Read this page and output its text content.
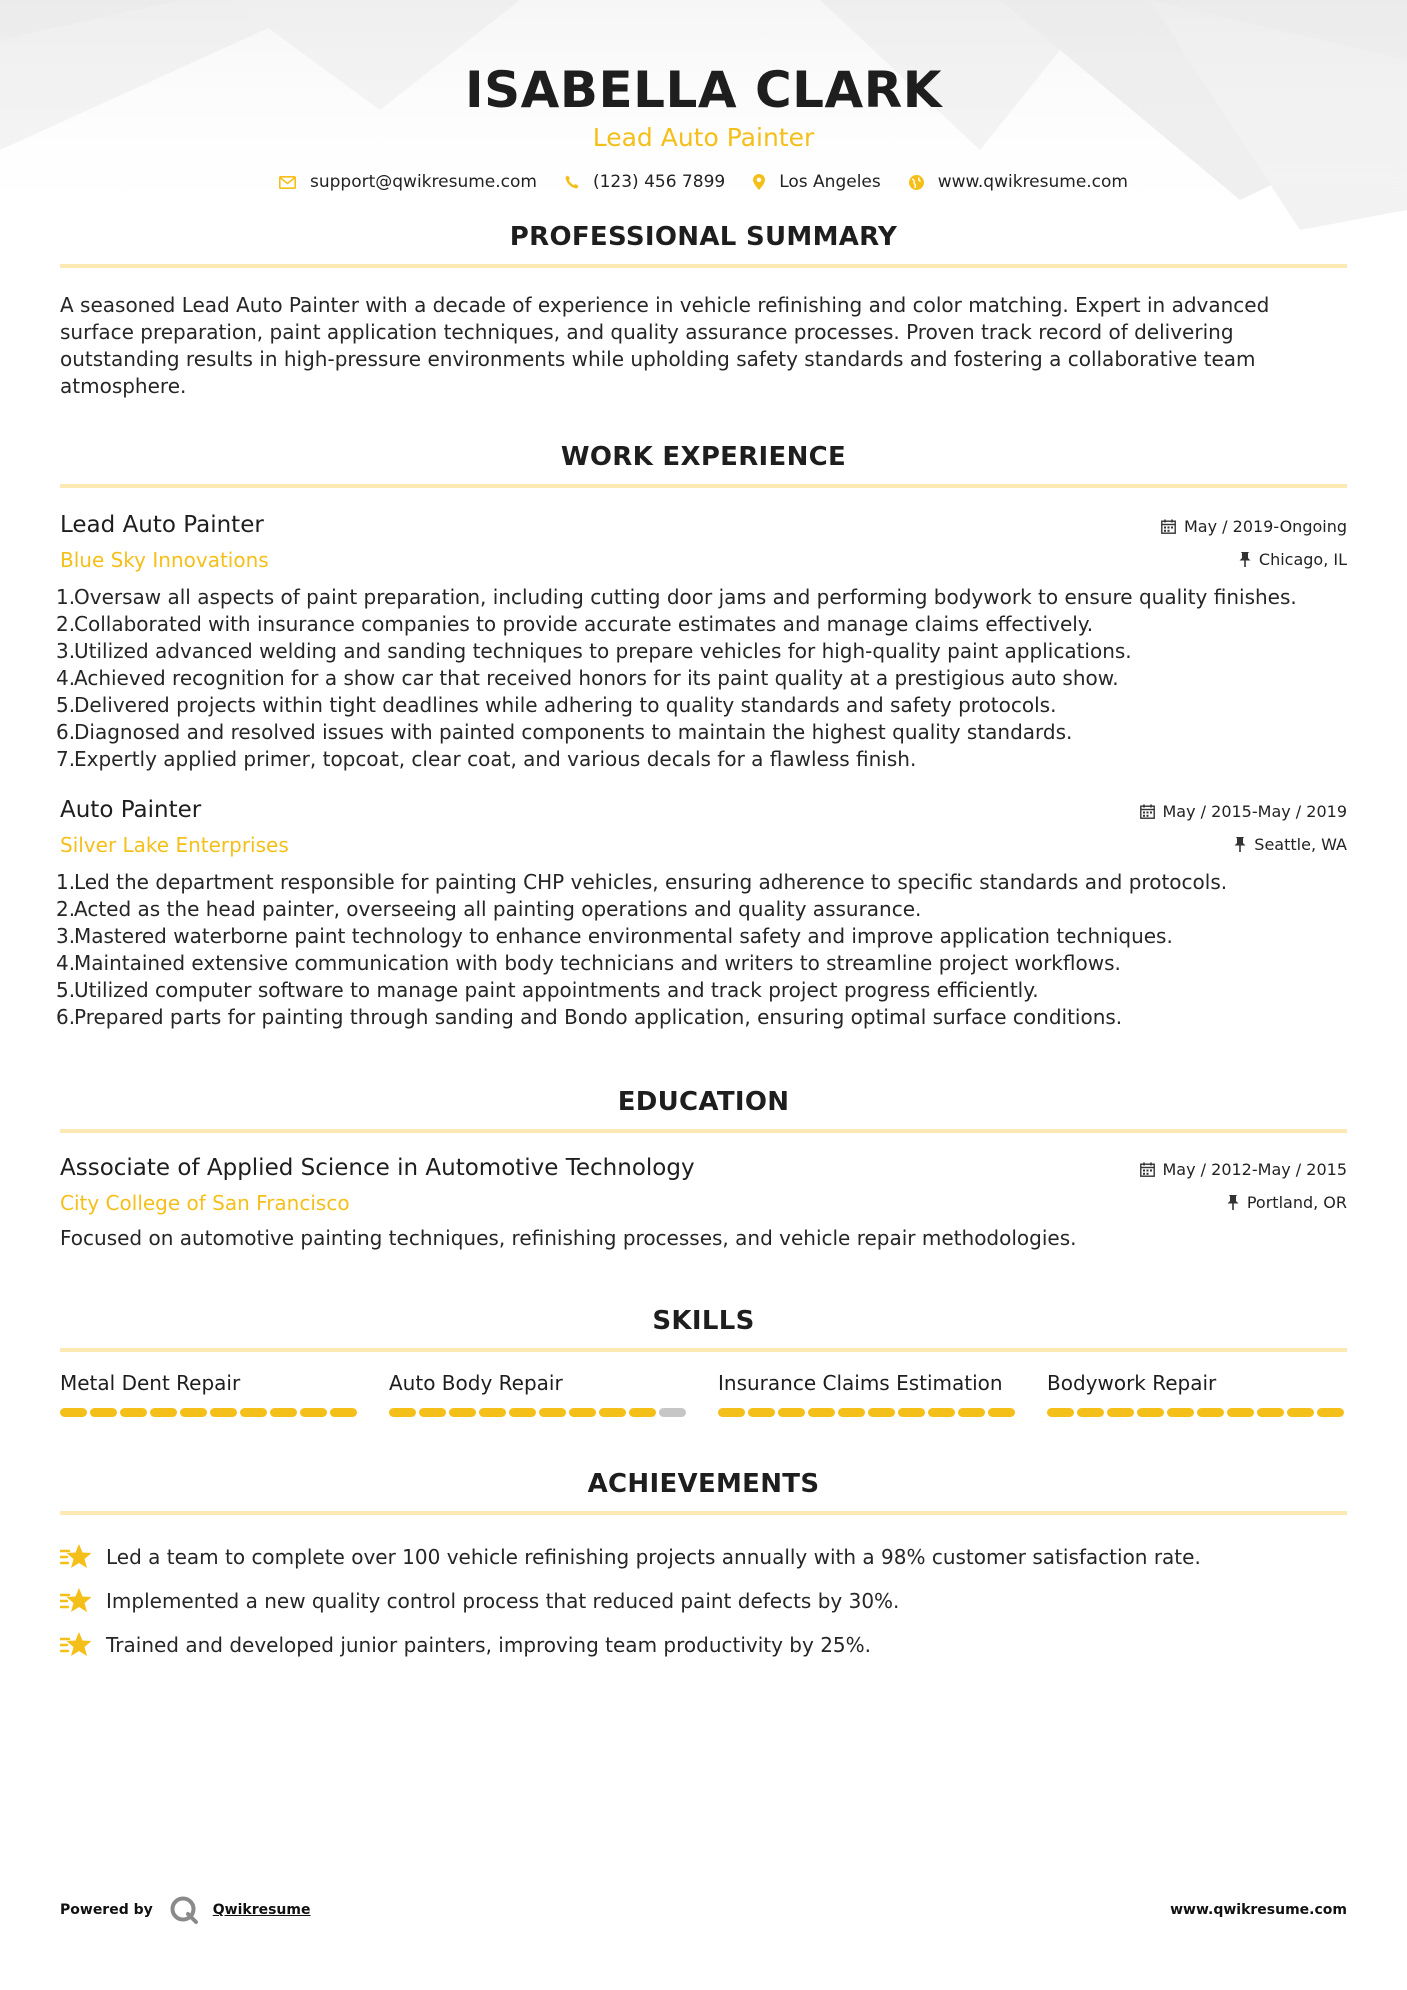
ISABELLA CLARK
Lead Auto Painter
support@qwikresume.com	(123) 456 7899	Los Angeles	www.qwikresume.com
PROFESSIONAL SUMMARY
A seasoned Lead Auto Painter with a decade of experience in vehicle refinishing and color matching. Expert in advanced surface preparation, paint application techniques, and quality assurance processes. Proven track record of delivering outstanding results in high-pressure environments while upholding safety standards and fostering a collaborative team atmosphere.
WORK EXPERIENCE
Lead Auto Painter
Blue Sky Innovations
May / 2019-Ongoing
Chicago, IL
1.
Oversaw all aspects of paint preparation, including cutting door jams and performing bodywork to ensure quality finishes.
2.
Collaborated with insurance companies to provide accurate estimates and manage claims effectively.
3.
Utilized advanced welding and sanding techniques to prepare vehicles for high-quality paint applications.
4.
Achieved recognition for a show car that received honors for its paint quality at a prestigious auto show.
5.
Delivered projects within tight deadlines while adhering to quality standards and safety protocols.
6.
Diagnosed and resolved issues with painted components to maintain the highest quality standards.
7.
Expertly applied primer, topcoat, clear coat, and various decals for a flawless finish.
Auto Painter
Silver Lake Enterprises
May / 2015-May / 2019
Seattle, WA
1.
Led the department responsible for painting CHP vehicles, ensuring adherence to specific standards and protocols.
2.
Acted as the head painter, overseeing all painting operations and quality assurance.
3.
Mastered waterborne paint technology to enhance environmental safety and improve application techniques.
4.
Maintained extensive communication with body technicians and writers to streamline project workflows.
5.
Utilized computer software to manage paint appointments and track project progress efficiently.
6.
Prepared parts for painting through sanding and Bondo application, ensuring optimal surface conditions.
EDUCATION
Associate of Applied Science in Automotive Technology
City College of San Francisco
May / 2012-May / 2015
Portland, OR
Focused on automotive painting techniques, refinishing processes, and vehicle repair methodologies.
SKILLS
Metal Dent Repair	Auto Body Repair	Insurance Claims Estimation	Bodywork Repair
ACHIEVEMENTS
Led a team to complete over 100 vehicle refinishing projects annually with a 98% customer satisfaction rate.
Implemented a new quality control process that reduced paint defects by 30%.
Trained and developed junior painters, improving team productivity by 25%.
Powered by	Qwikresume	www.qwikresume.com
